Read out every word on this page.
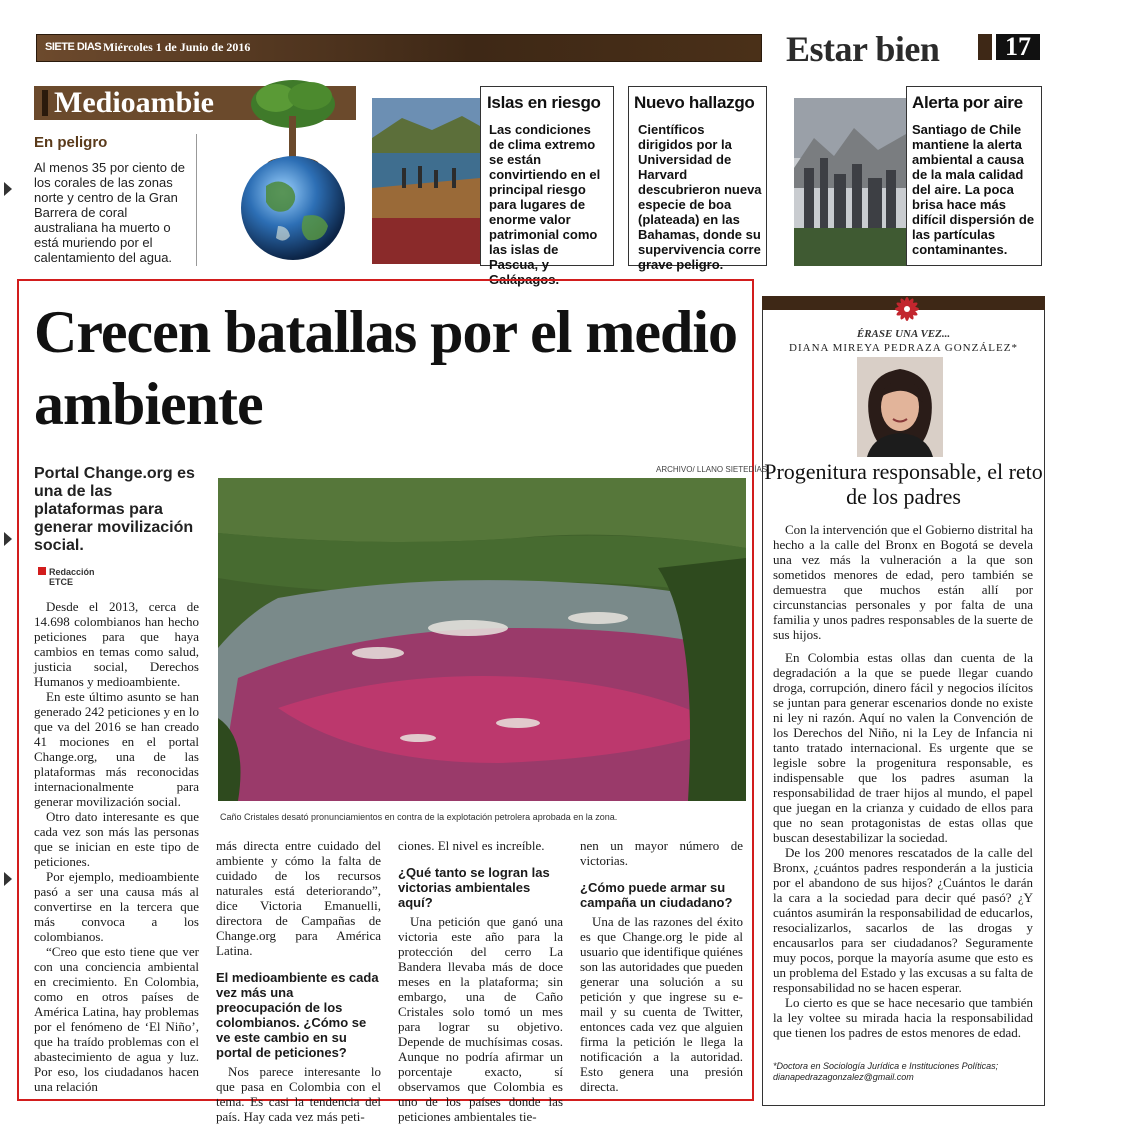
SIETE DIAS Miércoles 1 de Junio de 2016	Estar bien	17
Medioambie
En peligro
Al menos 35 por ciento de los corales de las zonas norte y centro de la Gran Barrera de coral australiana ha muerto o está muriendo por el calentamiento del agua.
Islas en riesgo
Las condiciones de clima extremo se están convirtiendo en el principal riesgo para lugares de enorme valor patrimonial como las islas de Pascua, y Galápagos.
Nuevo hallazgo
Científicos dirigidos por la Universidad de Harvard descubrieron nueva especie de boa (plateada) en las Bahamas, donde su supervivencia corre grave peligro.
Alerta por aire
Santiago de Chile mantiene la alerta ambiental a causa de la mala calidad del aire. La poca brisa hace más difícil dispersión de las partículas contaminantes.
Crecen batallas por el medio ambiente
Portal Change.org es una de las plataformas para generar movilización social.
Redacción
ETCE
ARCHIVO/ LLANO SIETEDÍAS
Caño Cristales desató pronunciamientos en contra de la explotación petrolera aprobada en la zona.

Desde el 2013, cerca de 14.698 colombianos han hecho peticiones para que haya cambios en temas como salud, justicia social, Derechos Humanos y medioambiente.

En este último asunto se han generado 242 peticiones y en lo que va del 2016 se han creado 41 mociones en el portal Change.org, una de las plataformas más reconocidas internacionalmente para generar movilización social.

Otro dato interesante es que cada vez son más las personas que se inician en este tipo de peticiones.

Por ejemplo, medioambiente pasó a ser una causa más al convertirse en la tercera que más convoca a los colombianos.

“Creo que esto tiene que ver con una conciencia ambiental en crecimiento. En Colombia, como en otros países de América Latina, hay problemas por el fenómeno de ‘El Niño’, que ha traído problemas con el abastecimiento de agua y luz. Por eso, los ciudadanos hacen una relación

más directa entre cuidado del ambiente y cómo la falta de cuidado de los recursos naturales está deteriorando”, dice Victoria Emanuelli, directora de Campañas de Change.org para América Latina.

El medioambiente es cada vez más una preocupación de los colombianos. ¿Cómo se ve este cambio en su portal de peticiones?

Nos parece interesante lo que pasa en Colombia con el tema. Es casi la tendencia del país. Hay cada vez más peti-

ciones. El nivel es increíble.

¿Qué tanto se logran las victorias ambientales aquí?

Una petición que ganó una victoria este año para la protección del cerro La Bandera llevaba más de doce meses en la plataforma; sin embargo, una de Caño Cristales solo tomó un mes para lograr su objetivo. Depende de muchísimas cosas. Aunque no podría afirmar un porcentaje exacto, sí observamos que Colombia es uno de los países donde las peticiones ambientales tie-

nen un mayor número de victorias.

¿Cómo puede armar su campaña un ciudadano?

Una de las razones del éxito es que Change.org le pide al usuario que identifique quiénes son las autoridades que pueden generar una solución a su petición y que ingrese su e-mail y su cuenta de Twitter, entonces cada vez que alguien firma la petición le llega la notificación a la autoridad. Esto genera una presión directa.

ÉRASE UNA VEZ...
DIANA MIREYA PEDRAZA GONZÁLEZ*
Progenitura responsable, el reto de los padres

Con la intervención que el Gobierno distrital ha hecho a la calle del Bronx en Bogotá se devela una vez más la vulneración a la que son sometidos menores de edad, pero también se demuestra que muchos están allí por circunstancias personales y por falta de una familia y unos padres responsables de la suerte de sus hijos.

En Colombia estas ollas dan cuenta de la degradación a la que se puede llegar cuando droga, corrupción, dinero fácil y negocios ilícitos se juntan para generar escenarios donde no existe ni ley ni razón. Aquí no valen la Convención de los Derechos del Niño, ni la Ley de Infancia ni tanto tratado internacional. Es urgente que se legisle sobre la progenitura responsable, es indispensable que los padres asuman la responsabilidad de traer hijos al mundo, el papel que juegan en la crianza y cuidado de ellos para que no sean protagonistas de estas ollas que buscan desestabilizar la sociedad.

De los 200 menores rescatados de la calle del Bronx, ¿cuántos padres responderán a la justicia por el abandono de sus hijos? ¿Cuántos le darán la cara a la sociedad para decir qué pasó? ¿Y cuántos asumirán la responsabilidad de educarlos, resocializarlos, sacarlos de las drogas y encausarlos para ser ciudadanos? Seguramente muy pocos, porque la mayoría asume que esto es un problema del Estado y las excusas a su falta de responsabilidad no se hacen esperar.

Lo cierto es que se hace necesario que también la ley voltee su mirada hacia la responsabilidad que tienen los padres de estos menores de edad.

*Doctora en Sociología Jurídica e Instituciones Políticas;
dianapedrazagonzalez@gmail.com
